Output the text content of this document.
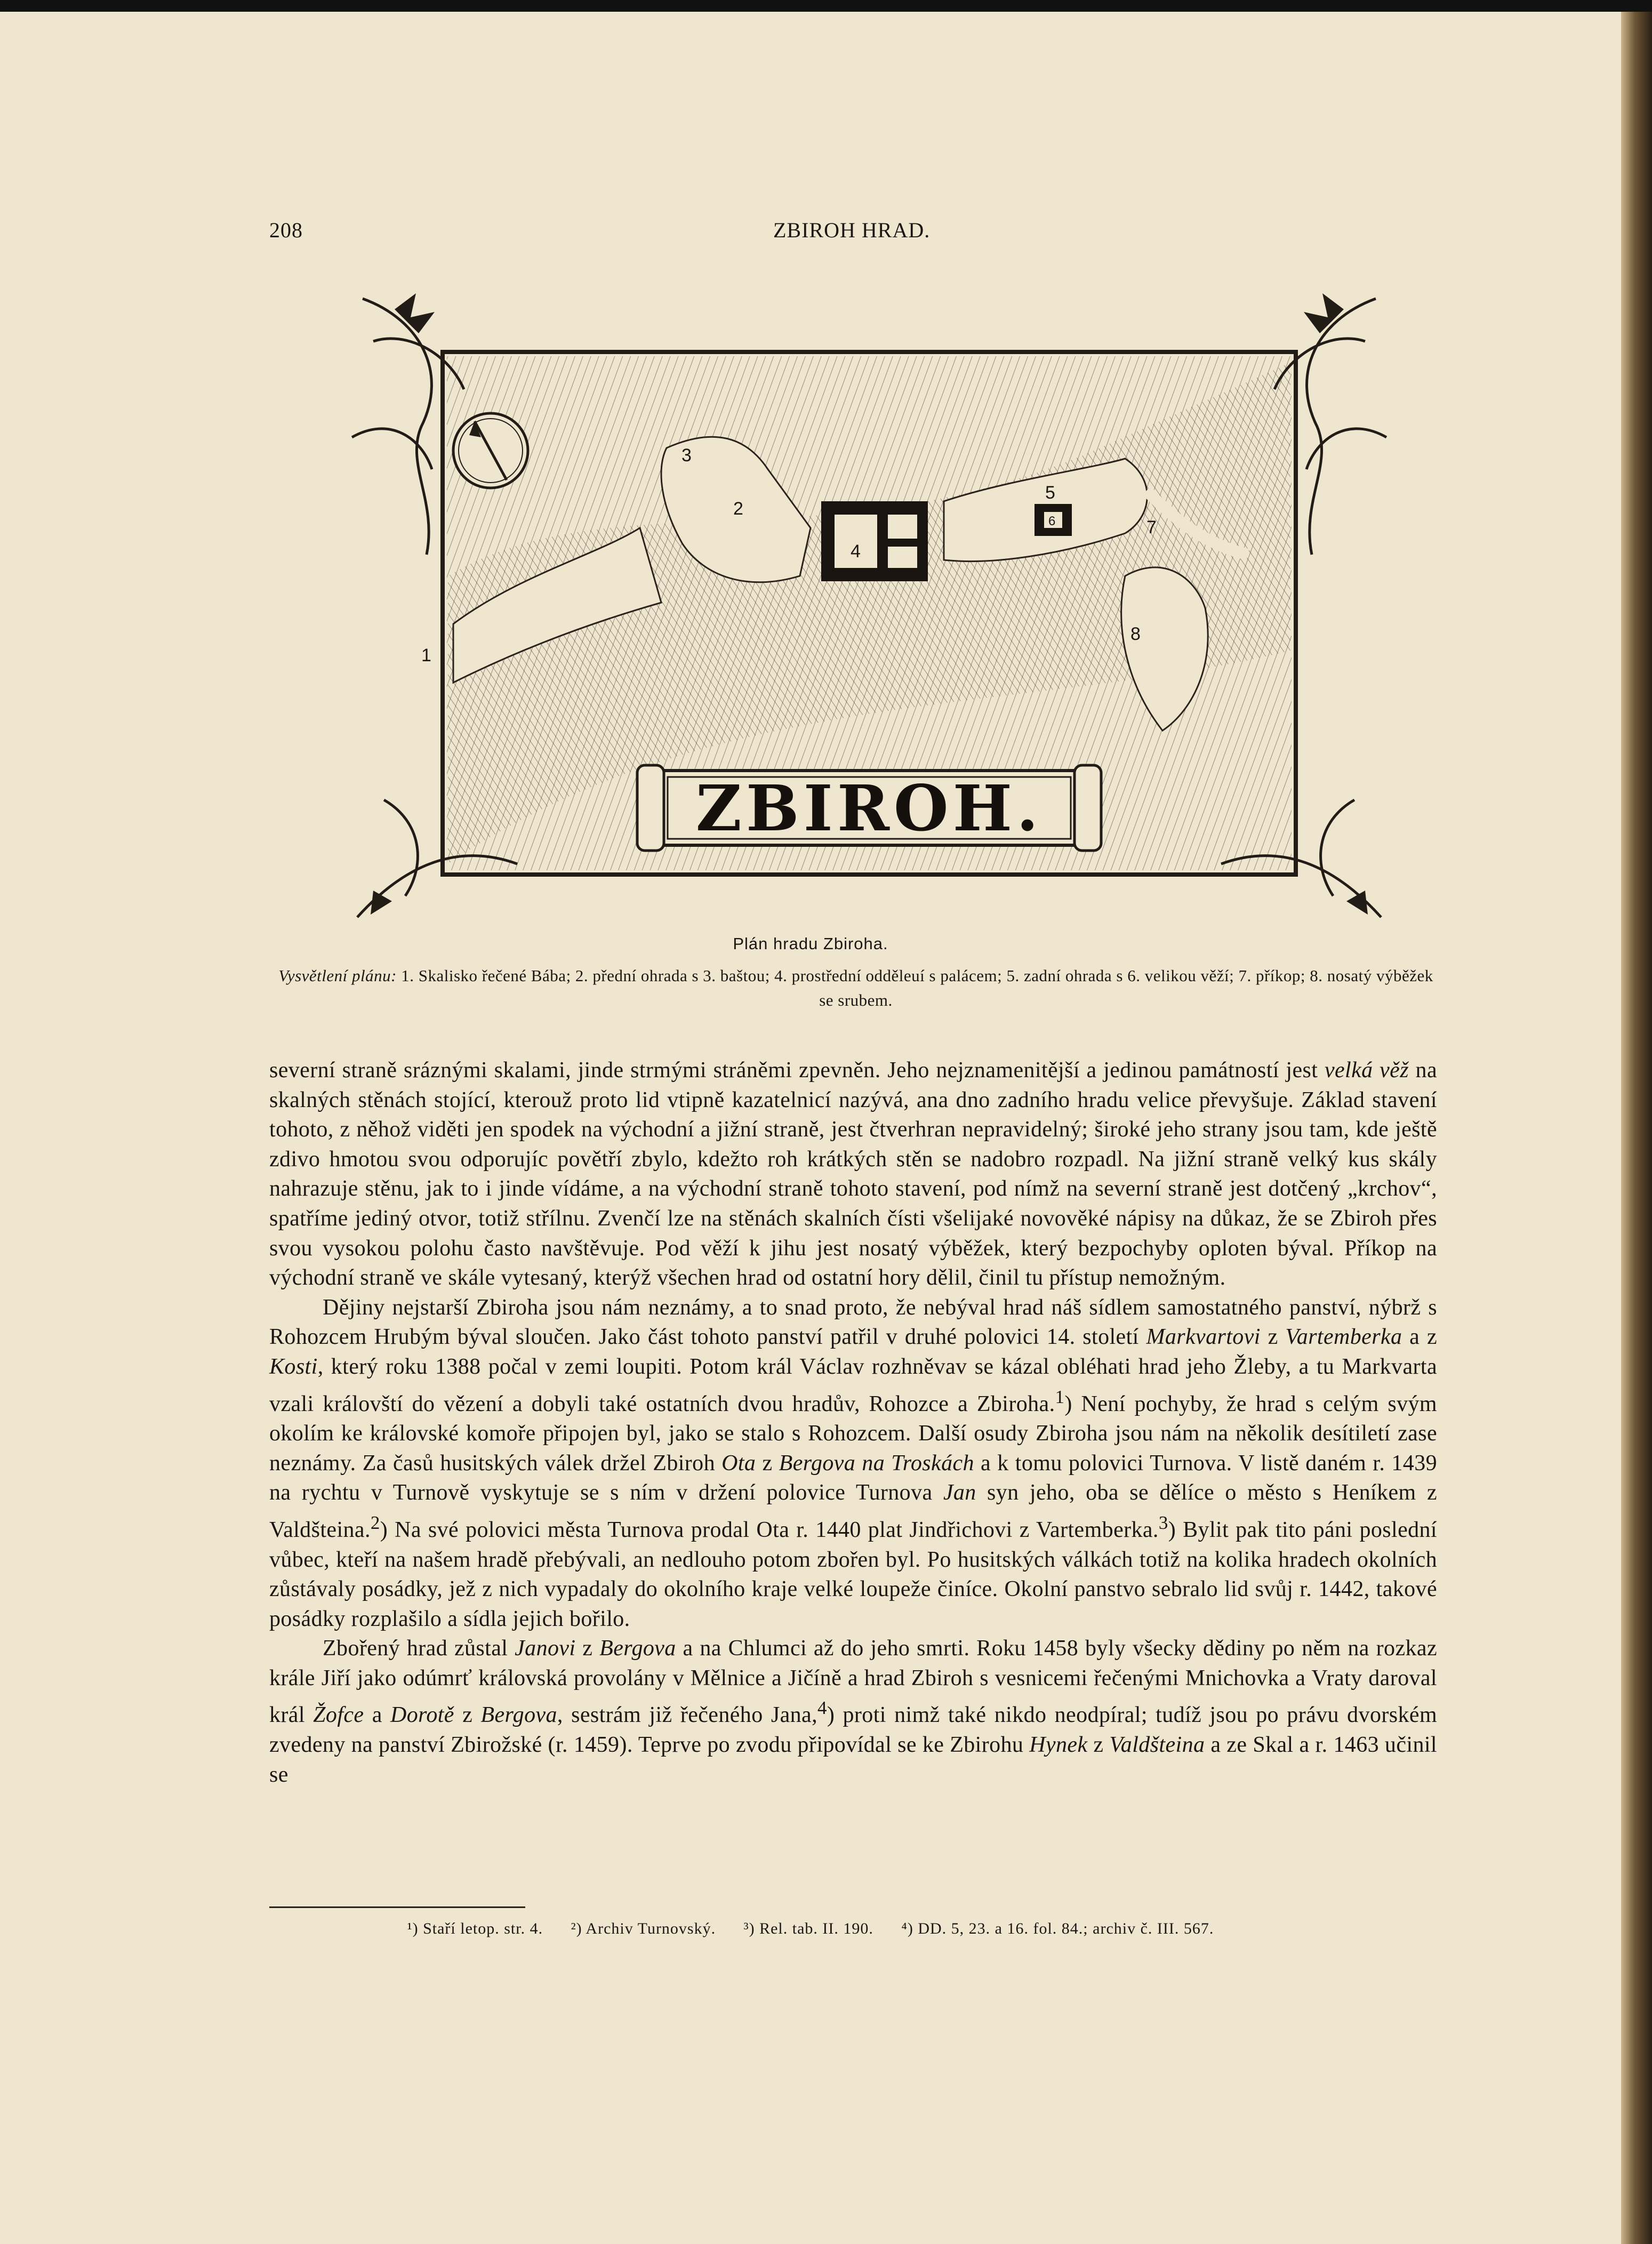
208	ZBIROH HRAD.
1
2
3
4
5
6	7
8
ZBIROH.
Plán hradu Zbiroha.
Vysvětlení plánu: 1. Skalisko řečené Bába; 2. přední ohrada s 3. baštou; 4. prostřední odděleuí s palácem; 5. zadní ohrada s 6. velikou věží; 7. příkop; 8. nosatý výběžek se srubem.

severní straně sráznými skalami, jinde strmými stráněmi zpevněn. Jeho nejznamenitější a jedinou památností jest velká věž na skalných stěnách stojící, kterouž proto lid vtipně kazatelnicí nazývá, ana dno zadního hradu velice převyšuje. Základ stavení tohoto, z něhož viděti jen spodek na východní a jižní straně, jest čtverhran nepravidelný; široké jeho strany jsou tam, kde ještě zdivo hmotou svou odporujíc povětří zbylo, kdežto roh krátkých stěn se nadobro rozpadl. Na jižní straně velký kus skály nahrazuje stěnu, jak to i jinde vídáme, a na východní straně tohoto stavení, pod nímž na severní straně jest dotčený „krchov“, spatříme jediný otvor, totiž střílnu. Zvenčí lze na stěnách skalních čísti všelijaké novověké nápisy na důkaz, že se Zbiroh přes svou vysokou polohu často navštěvuje. Pod věží k jihu jest nosatý výběžek, který bezpochyby oploten býval. Příkop na východní straně ve skále vytesaný, kterýž všechen hrad od ostatní hory dělil, činil tu přístup nemožným.

Dějiny nejstarší Zbiroha jsou nám neznámy, a to snad proto, že nebýval hrad náš sídlem samostatného panství, nýbrž s Rohozcem Hrubým býval sloučen. Jako část tohoto panství patřil v druhé polovici 14. století Markvartovi z Vartemberka a z Kosti, který roku 1388 počal v zemi loupiti. Potom král Václav rozhněvav se kázal obléhati hrad jeho Žleby, a tu Markvarta vzali královští do vězení a dobyli také ostatních dvou hradův, Rohozce a Zbiroha.$^1$) Není pochyby, že hrad s celým svým okolím ke královské komoře připojen byl, jako se stalo s Rohozcem. Další osudy Zbiroha jsou nám na několik desítiletí zase neznámy. Za časů husitských válek držel Zbiroh Ota z Bergova na Troskách a k tomu polovici Turnova. V listě daném r. 1439 na rychtu v Turnově vyskytuje se s ním v držení polovice Turnova Jan syn jeho, oba se dělíce o město s Heníkem z Valdšteina.$^2$) Na své polovici města Turnova prodal Ota r. 1440 plat Jindřichovi z Vartemberka.$^3$) Bylit pak tito páni poslední vůbec, kteří na našem hradě přebývali, an nedlouho potom zbořen byl. Po husitských válkách totiž na kolika hradech okolních zůstávaly posádky, jež z nich vypadaly do okolního kraje velké loupeže činíce. Okolní panstvo sebralo lid svůj r. 1442, takové posádky rozplašilo a sídla jejich bořilo.

Zbořený hrad zůstal Janovi z Bergova a na Chlumci až do jeho smrti. Roku 1458 byly všecky dědiny po něm na rozkaz krále Jiří jako odúmrť královská provolány v Mělnice a Jičíně a hrad Zbiroh s vesnicemi řečenými Mnichovka a Vraty daroval král Žofce a Dorotě z Bergova, sestrám již řečeného Jana,$^4$) proti nimž také nikdo neodpíral; tudíž jsou po právu dvorském zvedeny na panství Zbirožské (r. 1459). Teprve po zvodu připovídal se ke Zbirohu Hynek z Valdšteina a ze Skal a r. 1463 učinil se

¹) Staří letop. str. 4. ²) Archiv Turnovský. ³) Rel. tab. II. 190. ⁴) DD. 5, 23. a 16. fol. 84.; archiv č. III. 567.
